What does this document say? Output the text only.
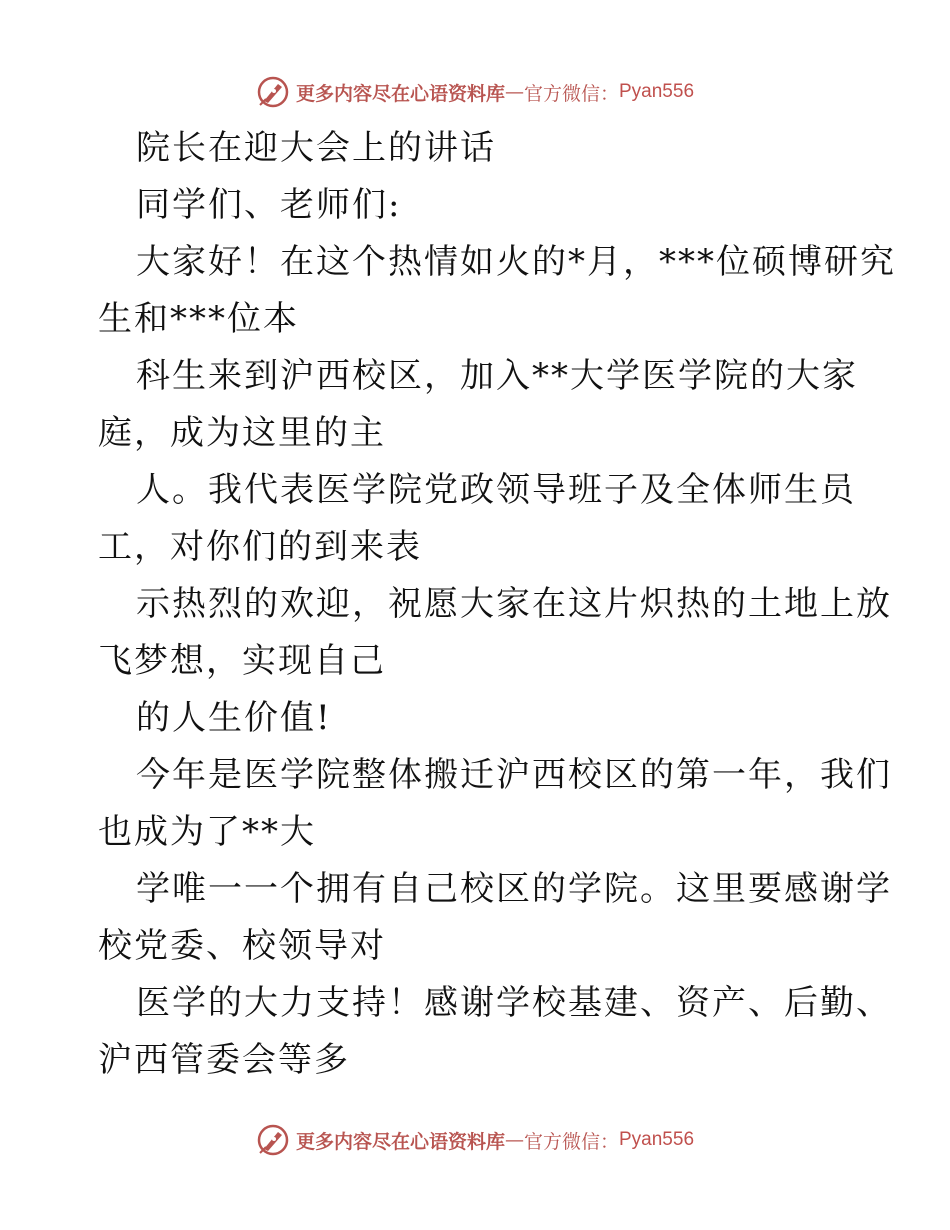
更多内容尽在心语资料库 — 官方微信： Pyan556
院长在迎大会上的讲话
同学们、老师们:
大家好！在这个热情如火的*月，***位硕博研究
生和***位本
科生来到沪西校区，加入**大学医学院的大家
庭，成为这里的主
人。我代表医学院党政领导班子及全体师生员
工，对你们的到来表
示热烈的欢迎，祝愿大家在这片炽热的土地上放
飞梦想，实现自己
的人生价值!
今年是医学院整体搬迁沪西校区的第一年，我们
也成为了**大
学唯一一个拥有自己校区的学院。这里要感谢学
校党委、校领导对
医学的大力支持！感谢学校基建、资产、后勤、
沪西管委会等多
更多内容尽在心语资料库 — 官方微信： Pyan556
